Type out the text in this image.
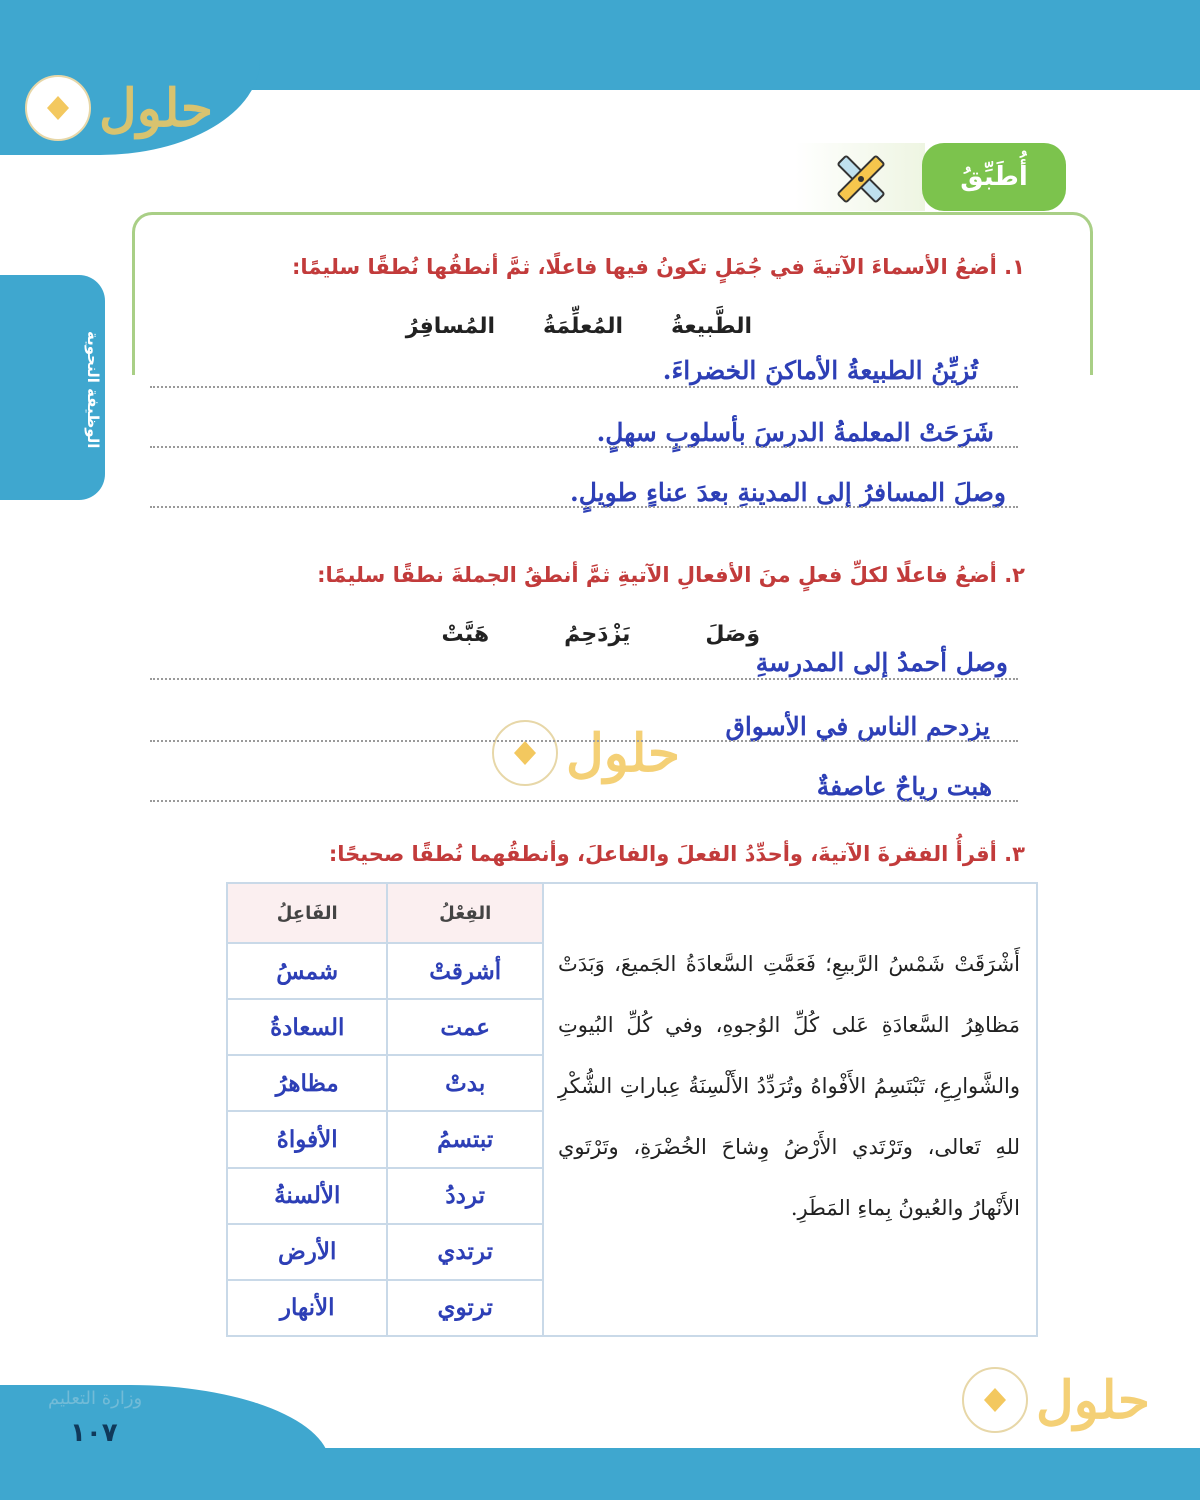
حلول
حلول
حلول
الوظيفة النحوية
أُطَبِّقُ
١. أضعُ الأسماءَ الآتيةَ في جُمَلٍ تكونُ فيها فاعلًا، ثمَّ أنطقُها نُطقًا سليمًا:
الطَّبيعةُ
المُعلِّمَةُ
المُسافِرُ
تُزيِّنُ الطبيعةُ الأماكنَ الخضراءَ.
شَرَحَتْ المعلمةُ الدرسَ بأسلوبٍ سهلٍ.
وصلَ المسافرُ إلى المدينةِ بعدَ عناءٍ طويلٍ.
٢. أضعُ فاعلًا لكلِّ فعلٍ منَ الأفعالِ الآتيةِ ثمَّ أنطقُ الجملةَ نطقًا سليمًا:
وَصَلَ
يَزْدَحِمُ
هَبَّتْ
وصل أحمدُ إلى المدرسةِ
يزدحم الناس في الأسواق
هبت رياحٌ عاصفةٌ
٣. أقرأُ الفقرةَ الآتيةَ، وأحدِّدُ الفعلَ والفاعلَ، وأنطقُهما نُطقًا صحيحًا:
أَشْرَقَتْ شَمْسُ الرَّبيعِ؛ فَعَمَّتِ السَّعادَةُ الجَميعَ، وَبَدَتْ مَظاهِرُ السَّعادَةِ عَلى كُلِّ الوُجوهِ، وفي كُلِّ البُيوتِ والشَّوارِعِ، تَبْتَسِمُ الأَفْواهُ وتُرَدِّدُ الأَلْسِنَةُ عِباراتِ الشُّكْرِ للهِ تَعالى، وتَرْتَدي الأَرْضُ وِشاحَ الخُضْرَةِ، وتَرْتَوي الأَنْهارُ والعُيونُ بِماءِ المَطَرِ.	الفِعْلُ	الفَاعِلُ
	أشرقتْ	شمسُ
	عمت	السعادةُ
	بدتْ	مظاهرُ
	تبتسمُ	الأفواهُ
	ترددُ	الألسنةُ
	ترتدي	الأرض
	ترتوي	الأنهار
وزارة التعليم
١٠٧
